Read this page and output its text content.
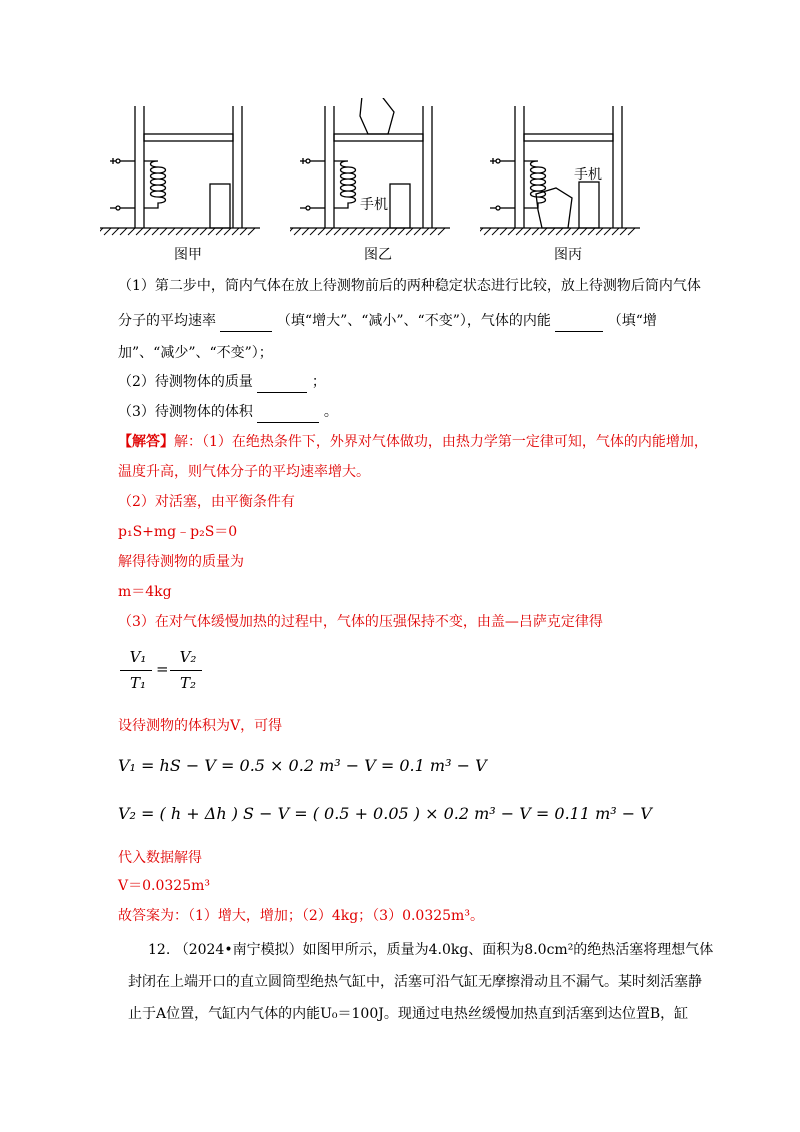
图甲
手机
图乙
手机
图丙
（1）第二步中，筒内气体在放上待测物前后的两种稳定状态进行比较，放上待测物后筒内气体
分子的平均速率	（填“增大”、“减小”、“不变”），气体的内能	（填“增
加”、“减少”、“不变”）；
（2）待测物体的质量	；
（3）待测物体的体积	。
【解答】解：（1）在绝热条件下，外界对气体做功，由热力学第一定律可知，气体的内能增加，
温度升高，则气体分子的平均速率增大。
（2）对活塞，由平衡条件有
p₁S+mg﹣p₂S＝0
解得待测物的质量为
m＝4kg
（3）在对气体缓慢加热的过程中，气体的压强保持不变，由盖—吕萨克定律得
V₁
T₁
=
V₂
T₂
设待测物的体积为V，可得
V₁ = hS − V = 0.5 × 0.2 m³ − V = 0.1 m³ − V
V₂ = ( h + Δh ) S − V = ( 0.5 + 0.05 ) × 0.2 m³ − V = 0.11 m³ − V
代入数据解得
V＝0.0325m³
故答案为：（1）增大，增加；（2）4kg；（3）0.0325m³。
12. （2024•南宁模拟）如图甲所示，质量为4.0kg、面积为8.0cm²的绝热活塞将理想气体
封闭在上端开口的直立圆筒型绝热气缸中，活塞可沿气缸无摩擦滑动且不漏气。某时刻活塞静
止于A位置，气缸内气体的内能U₀＝100J。现通过电热丝缓慢加热直到活塞到达位置B，缸
